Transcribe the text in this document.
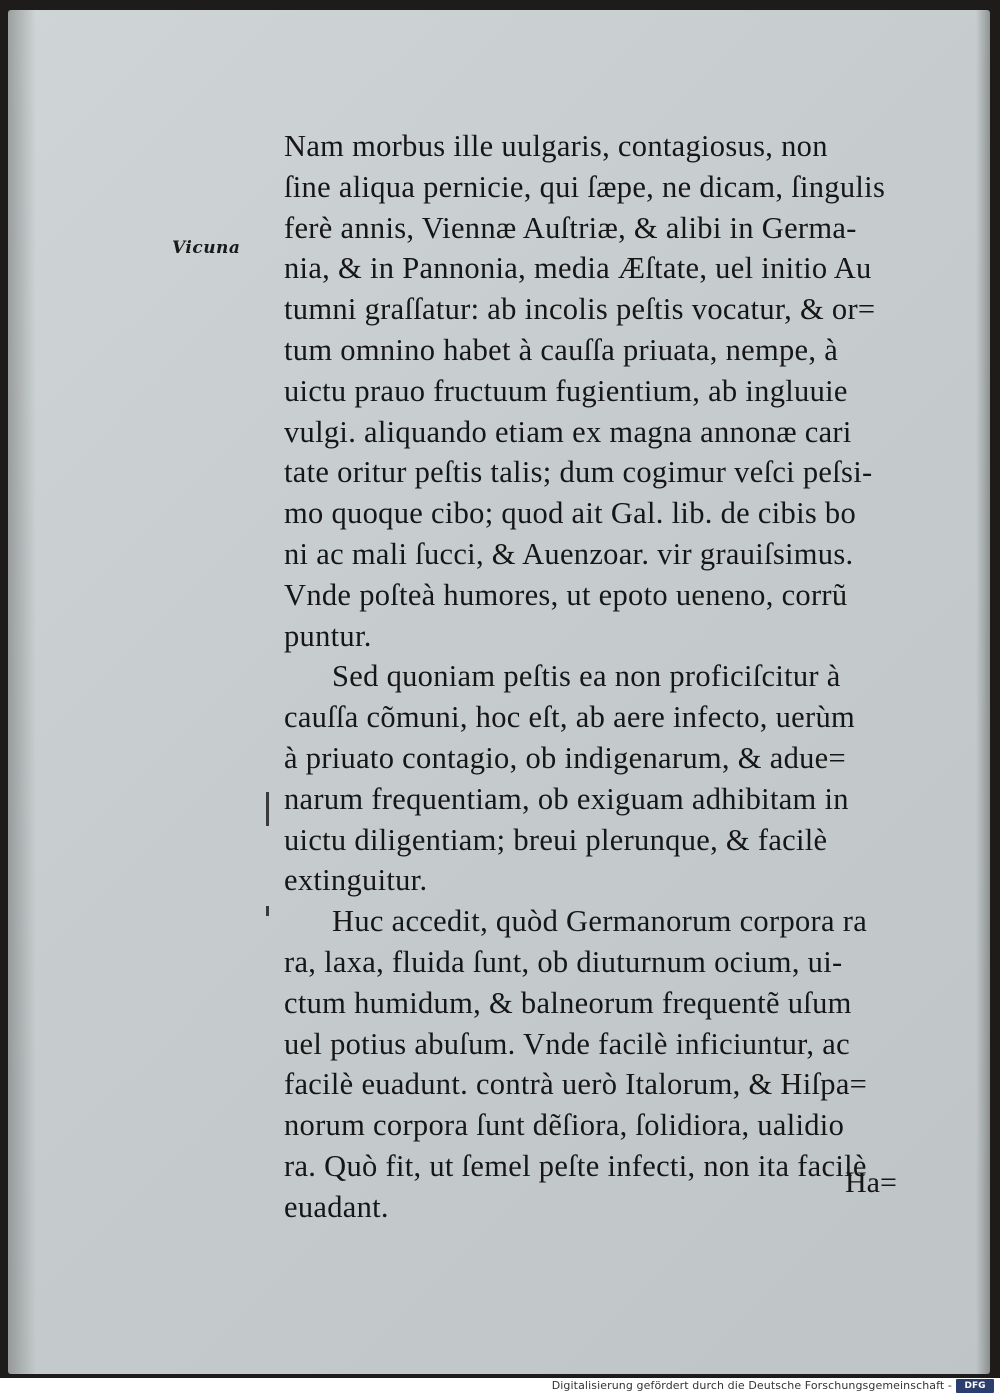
Vicuna
Nam morbus ille uulgaris, contagiosus, non
ſine aliqua pernicie, qui ſæpe, ne dicam, ſingulis
ferè annis, Viennæ Auſtriæ, & alibi in Germa-
nia, & in Pannonia, media Æſtate, uel initio Au
tumni graſſatur: ab incolis peſtis vocatur, & or=
tum omnino habet à cauſſa priuata, nempe, à
uictu prauo fructuum fugientium, ab ingluuie
vulgi. aliquando etiam ex magna annonæ cari
tate oritur peſtis talis; dum cogimur veſci peſsi-
mo quoque cibo; quod ait Gal. lib. de cibis bo
ni ac mali ſucci, & Auenzoar. vir grauiſsimus.
Vnde poſteà humores, ut epoto ueneno, corrũ
puntur.
Sed quoniam peſtis ea non proficiſcitur à
cauſſa cõmuni, hoc eſt, ab aere infecto, uerùm
à priuato contagio, ob indigenarum, & adue=
narum frequentiam, ob exiguam adhibitam in
uictu diligentiam; breui plerunque, & facilè
extinguitur.
Huc accedit, quòd Germanorum corpora ra
ra, laxa, fluida ſunt, ob diuturnum ocium, ui-
ctum humidum, & balneorum frequentẽ uſum
uel potius abuſum. Vnde facilè inficiuntur, ac
facilè euadunt. contrà uerò Italorum, & Hiſpa=
norum corpora ſunt dẽſiora, ſolidiora, ualidio
ra. Quò fit, ut ſemel peſte infecti, non ita facilè
euadant.
Ha=
Digitalisierung gefördert durch die Deutsche Forschungsgemeinschaft -	DFG
